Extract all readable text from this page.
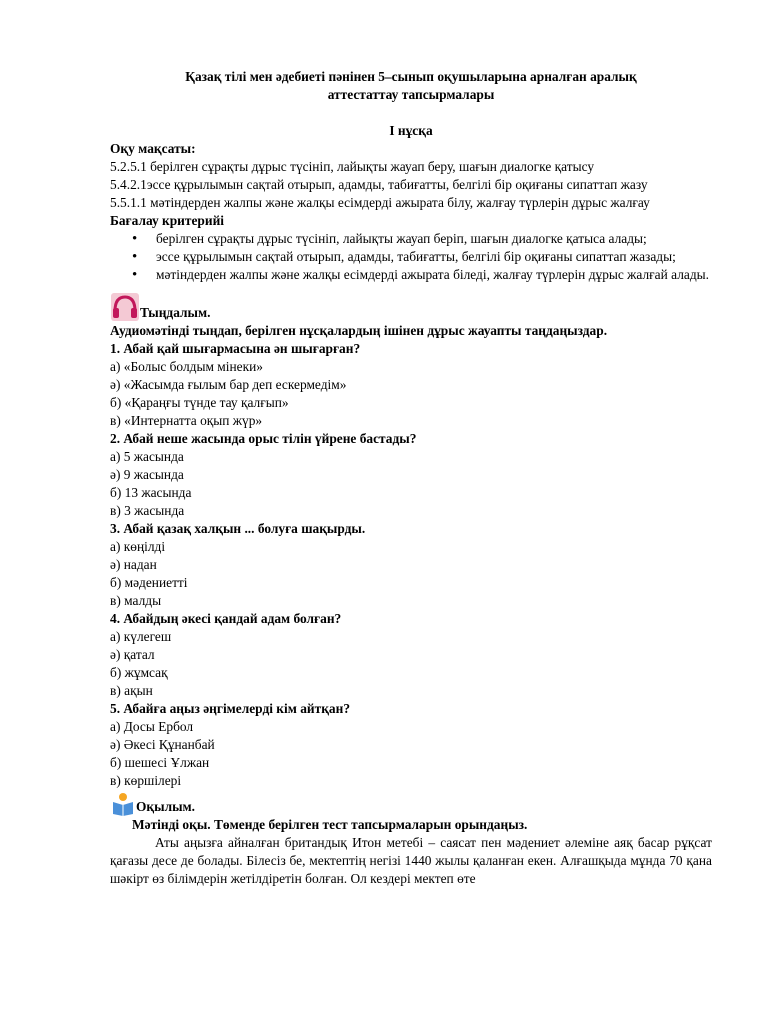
Қазақ тілі мен әдебиеті пәнінен 5–сынып оқушыларына арналған аралық

аттестаттау тапсырмалары

I нұсқа

Оқу мақсаты:

5.2.5.1 берілген сұрақты дұрыс түсініп, лайықты жауап беру, шағын диалогке қатысу

5.4.2.1эссе құрылымын сақтай отырып, адамды, табиғатты, белгілі бір оқиғаны сипаттап жазу

5.5.1.1 мәтіндерден жалпы және жалқы есімдерді ажырата білу, жалғау түрлерін дұрыс жалғау

Бағалау критерийі

• берілген сұрақты дұрыс түсініп, лайықты жауап беріп, шағын диалогке қатыса алады;
• эссе құрылымын сақтай отырып, адамды, табиғатты, белгілі бір оқиғаны сипаттап жазады;
• мәтіндерден жалпы және жалқы есімдерді ажырата біледі, жалғау түрлерін дұрыс жалғай алады.
Тыңдалым.

Аудиомәтінді тыңдап, берілген нұсқалардың ішінен дұрыс жауапты таңдаңыздар.

1. Абай қай шығармасына ән шығарған?

а) «Болыс болдым мінеки»

ә) «Жасымда ғылым бар деп ескермедім»

б) «Қараңғы түнде тау қалғып»

в) «Интернатта оқып жүр»

2. Абай неше жасында орыс тілін үйрене бастады?

а) 5 жасында

ә) 9 жасында

б) 13 жасында

в) 3 жасында

3. Абай қазақ халқын ... болуға шақырды.

а) көңілді

ә) надан

б) мәдениетті

в) малды

4. Абайдың әкесі қандай адам болған?

а) күлегеш

ә) қатал

б) жұмсақ

в) ақын

5. Абайға аңыз әңгімелерді кім айтқан?

а) Досы Ербол

ә) Әкесі Құнанбай

б) шешесі Ұлжан

в) көршілері

Оқылым.

Мәтінді оқы. Төменде берілген тест тапсырмаларын орындаңыз.

Аты аңызға айналған британдық Итон метебі – саясат пен мәдениет әлеміне аяқ басар рұқсат қағазы десе де болады. Білесіз бе, мектептің негізі 1440 жылы қаланған екен. Алғашқыда мұнда 70 қана шәкірт өз білімдерін жетілдіретін болған. Ол кездері мектеп өте
